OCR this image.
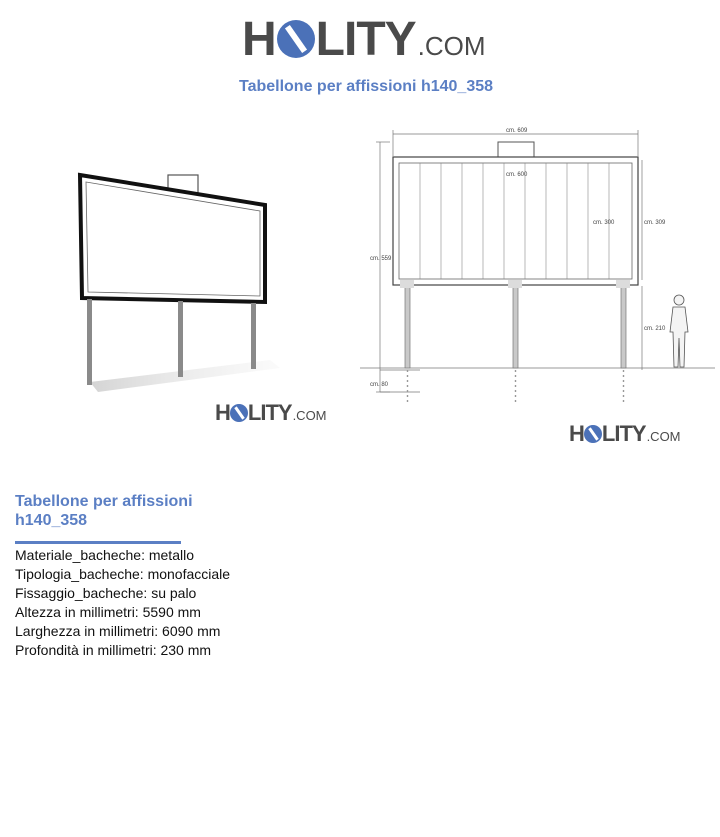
H LITY .COM
Tabellone per affissioni h140_358
cm. 609
cm. 600
cm. 559
cm. 300	cm. 309
cm. 210
cm. 80
H LITY .COM
H LITY .COM
Tabellone per affissioni h140_358
Materiale_bacheche: metallo
Tipologia_bacheche: monofacciale
Fissaggio_bacheche: su palo
Altezza in millimetri: 5590 mm
Larghezza in millimetri: 6090 mm
Profondità in millimetri: 230 mm
